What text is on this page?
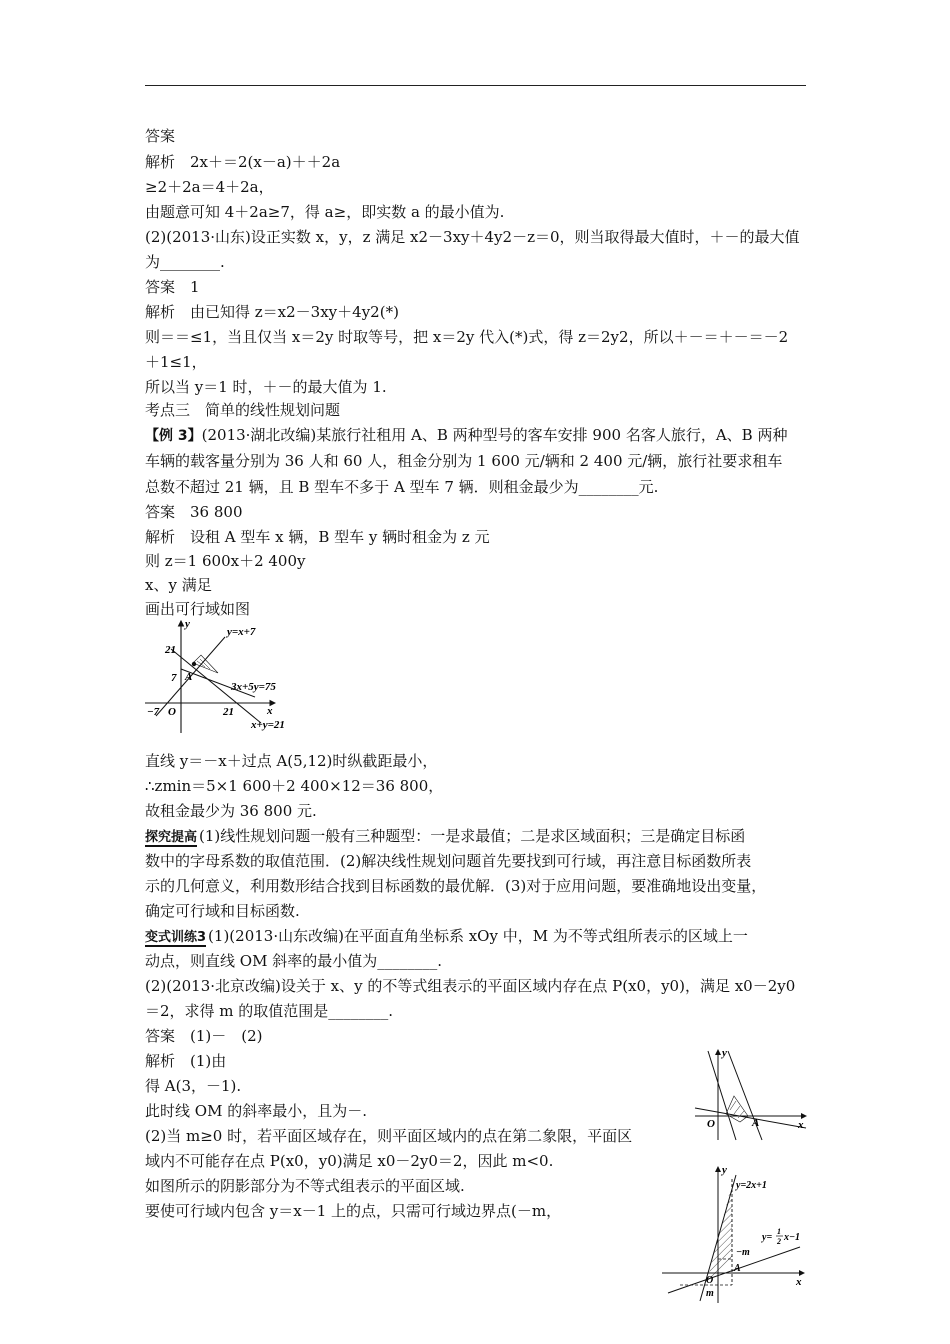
答案
解析　2x＋＝2(x－a)＋＋2a
≥2＋2a＝4＋2a，
由题意可知 4＋2a≥7，得 a≥，即实数 a 的最小值为.
(2)(2013·山东)设正实数 x，y，z 满足 x2－3xy＋4y2－z＝0，则当取得最大值时，＋－的最大值
为________.
答案　1
解析　由已知得 z＝x2－3xy＋4y2(*)
则＝＝≤1，当且仅当 x＝2y 时取等号，把 x＝2y 代入(*)式，得 z＝2y2，所以＋－＝＋－＝－2
＋1≤1，
所以当 y＝1 时，＋－的最大值为 1.
考点三　简单的线性规划问题
【例 3】(2013·湖北改编)某旅行社租用 A、B 两种型号的客车安排 900 名客人旅行，A、B 两种
车辆的载客量分别为 36 人和 60 人，租金分别为 1 600 元/辆和 2 400 元/辆，旅行社要求租车
总数不超过 21 辆，且 B 型车不多于 A 型车 7 辆．则租金最少为________元.
答案　36 800
解析　设租 A 型车 x 辆，B 型车 y 辆时租金为 z 元
则 z＝1 600x＋2 400y
x、y 满足
画出可行域如图
y
x
O
21
7
−7	21
A
y=x+7
3x+5y=75
x+y=21
直线 y＝－x＋过点 A(5,12)时纵截距最小，
∴zmin＝5×1 600＋2 400×12＝36 800，
故租金最少为 36 800 元.
探究提高 (1)线性规划问题一般有三种题型：一是求最值；二是求区域面积；三是确定目标函
数中的字母系数的取值范围．(2)解决线性规划问题首先要找到可行域，再注意目标函数所表
示的几何意义，利用数形结合找到目标函数的最优解．(3)对于应用问题，要准确地设出变量，
确定可行域和目标函数.
变式训练3 (1)(2013·山东改编)在平面直角坐标系 xOy 中，M 为不等式组所表示的区域上一
动点，则直线 OM 斜率的最小值为________.
(2)(2013·北京改编)设关于 x、y 的不等式组表示的平面区域内存在点 P(x0，y0)，满足 x0－2y0
＝2，求得 m 的取值范围是________.
答案　(1)－　(2)
解析　(1)由
得 A(3，－1).
此时线 OM 的斜率最小，且为－.
(2)当 m≥0 时，若平面区域存在，则平面区域内的点在第二象限，平面区
域内不可能存在点 P(x0，y0)满足 x0－2y0＝2，因此 m<0.
如图所示的阴影部分为不等式组表示的平面区域.
要使可行域内包含 y＝x－1 上的点，只需可行域边界点(－m，
y
x
O	A
y
x
O
A
y=2x+1
y=
1
2 x−1
−m
m
